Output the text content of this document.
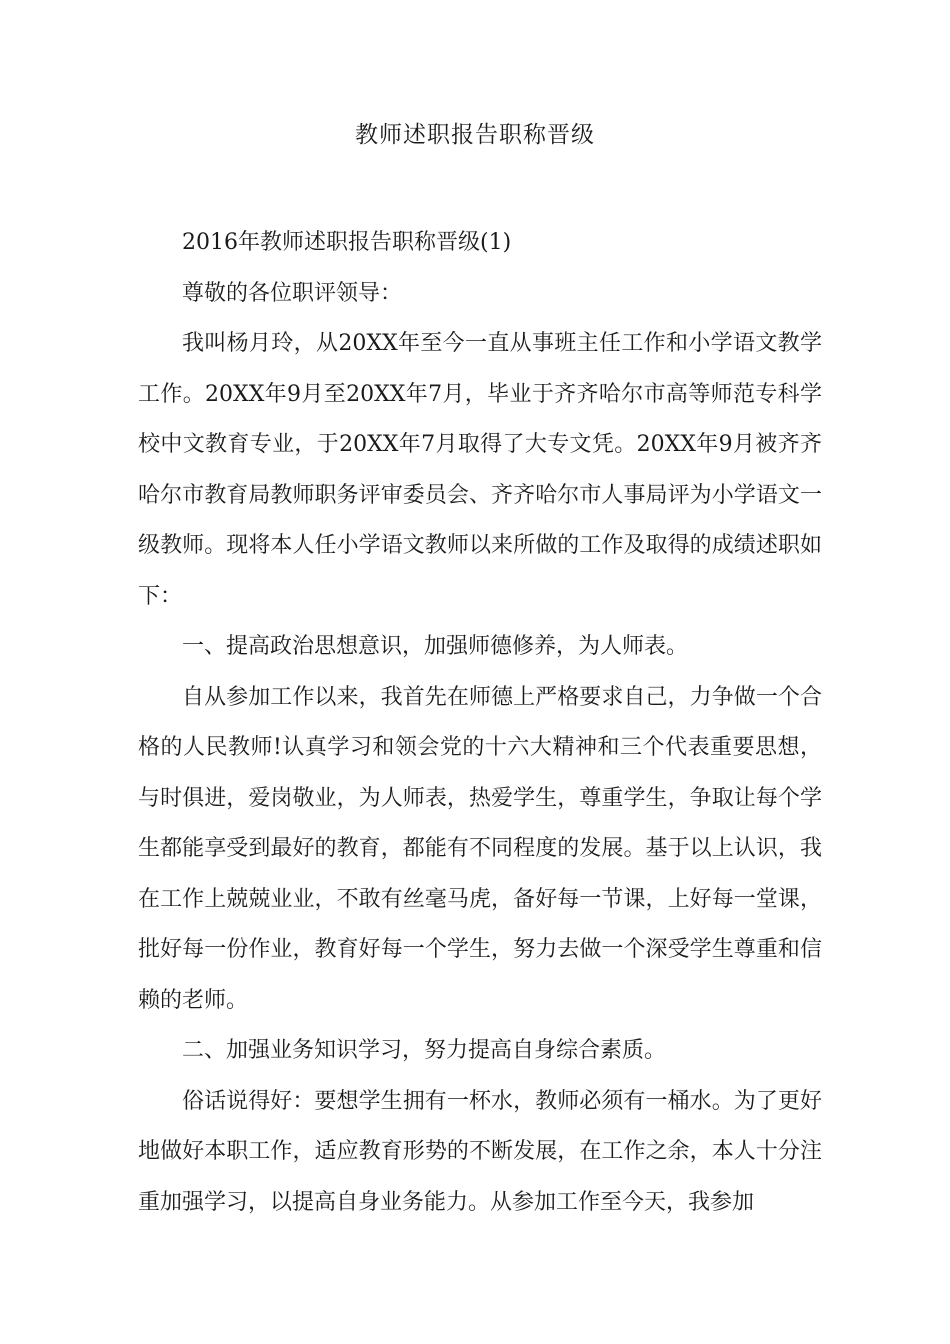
教师述职报告职称晋级

2016年教师述职报告职称晋级(1)

尊敬的各位职评领导：

我叫杨月玲，从20XX年至今一直从事班主任工作和小学语文教学工作。20XX年9月至20XX年7月，毕业于齐齐哈尔市高等师范专科学校中文教育专业，于20XX年7月取得了大专文凭。20XX年9月被齐齐哈尔市教育局教师职务评审委员会、齐齐哈尔市人事局评为小学语文一级教师。现将本人任小学语文教师以来所做的工作及取得的成绩述职如下：

一、提高政治思想意识，加强师德修养，为人师表。

自从参加工作以来，我首先在师德上严格要求自己，力争做一个合格的人民教师!认真学习和领会党的十六大精神和三个代表重要思想，与时俱进，爱岗敬业，为人师表，热爱学生，尊重学生，争取让每个学生都能享受到最好的教育，都能有不同程度的发展。基于以上认识，我在工作上兢兢业业，不敢有丝毫马虎，备好每一节课，上好每一堂课，批好每一份作业，教育好每一个学生，努力去做一个深受学生尊重和信赖的老师。

二、加强业务知识学习，努力提高自身综合素质。

俗话说得好：要想学生拥有一杯水，教师必须有一桶水。为了更好地做好本职工作，适应教育形势的不断发展，在工作之余，本人十分注重加强学习，以提高自身业务能力。从参加工作至今天，我参加
